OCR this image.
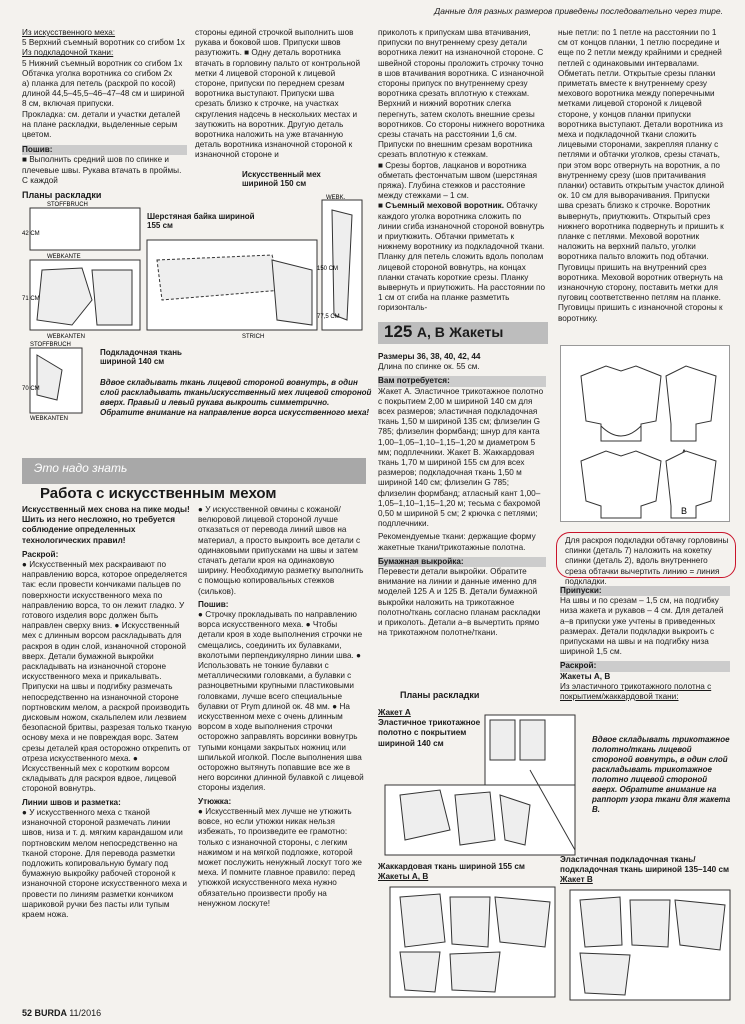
Данные для разных размеров приведены последовательно через тире.

Из искусственного меха:

5 Верхний съемный воротник со сгибом 1x

Из подкладочной ткани:

5 Нижний съемный воротник со сгибом 1x

Обтачка уголка воротника со сгибом 2x

а) планка для петель (раскрой по косой) длиной 44,5–45,5–46–47–48 см и шириной 8 см, включая припуски.

Прокладка: см. детали и участки деталей на плане раскладки, выделенные серым цветом.

Пошив:

■ Выполнить средний шов по спинке и плечевые швы. Рукава втачать в проймы. С каждой

стороны единой строчкой выполнить шов рукава и боковой шов. Припуски швов разутюжить. ■ Одну деталь воротника втачать в горловину пальто от контрольной метки 4 лицевой стороной к лицевой стороне, припуски по переднем срезам воротника выступают. Припуски шва срезать близко к строчке, на участках скругления надсечь в нескольких местах и заутюжить на воротник. Другую деталь воротника наложить на уже втачанную деталь воротника изнаночной стороной к изнаночной стороне и

приколоть к припускам шва втачивания, припуски по внутреннему срезу детали воротника лежит на изнаночной стороне. С швейной стороны проложить строчку точно в шов втачивания воротника. С изнаночной стороны припуск по внутреннему срезу воротника срезать вплотную к стежкам. Верхний и нижний воротник слегка перегнуть, затем сколоть внешние срезы воротников. Со стороны нижнего воротника срезы стачать на расстоянии 1,6 см. Припуски по внешним срезам воротника срезать вплотную к стежкам.

■ Срезы бортов, лацканов и воротника обметать фестончатым швом (шерстяная пряжа). Глубина стежков и расстояние между стежками – 1 см.

■ Съемный меховой воротник. Обтачку каждого уголка воротника сложить по линии сгиба изнаночной стороной вовнутрь и приутюжить. Обтачки приметать к нижнему воротнику из подкладочной ткани. Планку для петель сложить вдоль пополам лицевой стороной вовнутрь, на концах планки стачать короткие срезы. Планку вывернуть и приутюжить. На расстоянии по 1 см от сгиба на планке разметить горизонталь-

ные петли: по 1 петле на расстоянии по 1 см от концов планки, 1 петлю посредине и еще по 2 петли между крайними и средней петлей с одинаковыми интервалами. Обметать петли. Открытые срезы планки приметать вместе к внутреннему срезу мехового воротника между поперечными метками лицевой стороной к лицевой стороне, у концов планки припуски воротника выступают. Детали воротника из меха и подкладочной ткани сложить лицевыми сторонами, закрепляя планку с петлями и обтачки уголков, срезы стачать, при этом ворс отвернуть на воротник, а по внутреннему срезу (шов притачивания планки) оставить открытым участок длиной ок. 10 см для выворачивания. Припуски шва срезать близко к строчке. Воротник вывернуть, приутюжить. Открытый срез нижнего воротника подвернуть и пришить к планке с петлями. Меховой воротник наложить на верхний пальто, уголки воротника пальто вложить под обтачки. Пуговицы пришить на внутренний срез воротника. Меховой воротник отвернуть на изнаночную сторону, поставить метки для пуговиц соответственно петлям на планке. Пуговицы пришить с изнаночной стороны к воротнику.

Планы раскладки
Шерстяная байка шириной 155 см
Искусственный мех шириной 150 см
STOFFBRUCH
WEBKANTE
WEBKANTEN	STRICH
WEBK.
42 CM
71 CM
150 CM
77,5 CM
STOFFBRUCH
70 CM
WEBKANTEN
Подкладочная ткань шириной 140 см
Вдвое складывать ткань лицевой стороной вовнутрь, в один слой раскладывать ткань/искусственный мех лицевой стороной вверх. Правый и левый рукава выкроить симметрично. Обратите внимание на направление ворса искусственного меха!
Это надо знать
Работа с искусственным мехом

Искусственный мех снова на пике моды! Шить из него несложно, но требуется соблюдение определенных технологических правил!

Раскрой:

● Искусственный мех раскраивают по направлению ворса, которое определяется так: если провести кончиками пальцев по поверхности искусственного меха по направлению ворса, то он лежит гладко. У готового изделия ворс должен быть направлен сверху вниз. ● Искусственный мех с длинным ворсом раскладывать для раскроя в один слой, изнаночной стороной вверх. Детали бумажной выкройки раскладывать на изнаночной стороне искусственного меха и прикалывать. Припуски на швы и подгибку размечать непосредственно на изнаночной стороне портновским мелом, а раскрой производить дисковым ножом, скальпелем или лезвием безопасной бритвы, разрезая только тканую основу меха и не повреждая ворс. Затем срезы деталей края осторожно открепить от отреза искусственного меха. ● Искусственный мех с коротким ворсом складывать для раскроя вдвое, лицевой стороной вовнутрь.

Линии швов и разметка:

● У искусственного меха с тканой изнаночной стороной размечать линии швов, низа и т. д. мягким карандашом или портновским мелом непосредственно на тканой стороне. Для перевода разметки подложить копировальную бумагу под бумажную выкройку рабочей стороной к изнаночной стороне искусственного меха и провести по линиям разметки кончиком шариковой ручки без пасты или тупым краем ножа.

● У искусственной овчины с кожаной/велюровой лицевой стороной лучше отказаться от перевода линий швов на материал, а просто выкроить все детали с одинаковыми припусками на швы и затем стачать детали кроя на одинаковую ширину. Необходимую разметку выполнить с помощью копировальных стежков (сильков).

Пошив:

● Строчку прокладывать по направлению ворса искусственного меха. ● Чтобы детали кроя в ходе выполнения строчки не смещались, соединить их булавками, вколотыми перпендикулярно линии шва. ● Использовать не тонкие булавки с металлическими головками, а булавки с разноцветными крупными пластиковыми головками, лучше всего специальные булавки от Prym длиной ок. 48 мм. ● На искусственном мехе с очень длинным ворсом в ходе выполнения строчки осторожно заправлять ворсинки вовнутрь тупыми концами закрытых ножниц или шпилькой иголкой. После выполнения шва осторожно вытянуть попавшие все же в него ворсинки длинной булавкой с лицевой стороны изделия.

Утюжка:

● Искусственный мех лучше не утюжить вовсе, но если утюжки никак нельзя избежать, то произведите ее грамотно: только с изнаночной стороны, с легким нажимом и на мягкой подложке, которой может послужить ненужный лоскут того же меха. И помните главное правило: перед утюжкой искусственного меха нужно обязательно произвести пробу на ненужном лоскуте!

125 A, B Жакеты

Размеры 36, 38, 40, 42, 44

Длина по спинке ок. 55 см.

Вам потребуется:

Жакет А. Эластичное трикотажное полотно с покрытием 2,00 м шириной 140 см для всех размеров; эластичная подкладочная ткань 1,50 м шириной 135 см; флизелин G 785; флизелин формбанд; шнур для канта 1,00–1,05–1,10–1,15–1,20 м диаметром 5 мм; подплечники. Жакет В. Жаккардовая ткань 1,70 м шириной 155 см для всех размеров; подкладочная ткань 1,50 м шириной 140 см; флизелин G 785; флизелин формбанд; атласный кант 1,00–1,05–1,10–1,15–1,20 м; тесьма с бахромой 0,50 м шириной 5 см; 2 крючка с петлями; подплечники.

Рекомендуемые ткани: держащие форму жакетные ткани/трикотажные полотна.

Бумажная выкройка:

Перевести детали выкройки. Обратите внимание на линии и данные именно для моделей 125 А и 125 В. Детали бумажной выкройки наложить на трикотажное полотно/ткань согласно планам раскладки и приколоть. Детали а–в вычертить прямо на трикотажном полотне/ткани.

B
Для раскроя подкладки обтачку горловины спинки (деталь 7) наложить на кокетку спинки (деталь 2), вдоль внутреннего среза обтачки вычертить линию = линия подкладки.

Припуски:

На швы и по срезам – 1,5 см, на подгибку низа жакета и рукавов – 4 см. Для деталей а–в припуски уже учтены в приведенных размерах. Детали подкладки выкроить с припусками на швы и на подгибку низа шириной 1,5 см.

Раскрой:

Жакеты А, В

Из эластичного трикотажного полотна с покрытием/жаккардовой ткани:

Планы раскладки

Жакет А

Эластичное трикотажное полотно с покрытием шириной 140 см	Вдвое складывать трикотажное полотно/ткань лицевой стороной вовнутрь, в один слой раскладывать трикотажное полотно лицевой стороной вверх. Обратите внимание на раппорт узора ткани для жакета В.

Жаккардовая ткань шириной 155 см

Жакеты А, В

Эластичная подкладочная ткань/подкладочная ткань шириной 135–140 см

Жакет В

52 BURDA 11/2016
